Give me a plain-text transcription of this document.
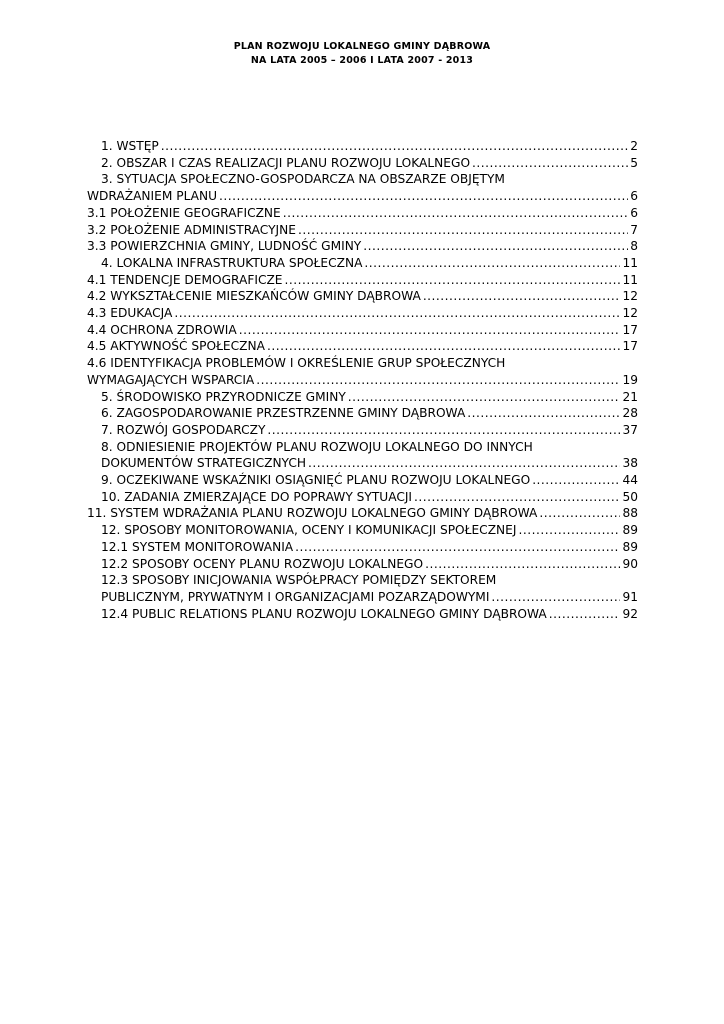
PLAN ROZWOJU LOKALNEGO GMINY DĄBROWA
NA LATA 2005 – 2006 I LATA 2007 - 2013
1. WSTĘP .....	2
2. OBSZAR I CZAS REALIZACJI PLANU ROZWOJU LOKALNEGO .....	5
3. SYTUACJA SPOŁECZNO-GOSPODARCZA NA OBSZARZE OBJĘTYM
WDRAŻANIEM PLANU .....	6
3.1 POŁOŻENIE GEOGRAFICZNE .....	6
3.2 POŁOŻENIE ADMINISTRACYJNE .....	7
3.3 POWIERZCHNIA GMINY, LUDNOŚĆ GMINY .....	8
4. LOKALNA INFRASTRUKTURA SPOŁECZNA .....	11
4.1 TENDENCJE DEMOGRAFICZE .....	11
4.2 WYKSZTAŁCENIE MIESZKAŃCÓW GMINY DĄBROWA .....	12
4.3 EDUKACJA .....	12
4.4 OCHRONA ZDROWIA .....	17
4.5 AKTYWNOŚĆ SPOŁECZNA .....	17
4.6 IDENTYFIKACJA PROBLEMÓW I OKREŚLENIE GRUP SPOŁECZNYCH
WYMAGAJĄCYCH WSPARCIA .....	19
5. ŚRODOWISKO PRZYRODNICZE GMINY .....	21
6. ZAGOSPODAROWANIE PRZESTRZENNE GMINY DĄBROWA .....	28
7. ROZWÓJ GOSPODARCZY .....	37
8. ODNIESIENIE PROJEKTÓW PLANU ROZWOJU LOKALNEGO DO INNYCH
DOKUMENTÓW STRATEGICZNYCH .....	38
9. OCZEKIWANE WSKAŹNIKI OSIĄGNIĘĆ PLANU ROZWOJU LOKALNEGO .....	44
10. ZADANIA ZMIERZAJĄCE DO POPRAWY SYTUACJI .....	50
11. SYSTEM WDRAŻANIA PLANU ROZWOJU LOKALNEGO GMINY DĄBROWA .....	88
12. SPOSOBY MONITOROWANIA, OCENY I KOMUNIKACJI SPOŁECZNEJ .....	89
12.1 SYSTEM MONITOROWANIA .....	89
12.2 SPOSOBY OCENY PLANU ROZWOJU LOKALNEGO .....	90
12.3 SPOSOBY INICJOWANIA WSPÓŁPRACY POMIĘDZY SEKTOREM
PUBLICZNYM, PRYWATNYM I ORGANIZACJAMI POZARZĄDOWYMI .....	91
12.4 PUBLIC RELATIONS PLANU ROZWOJU LOKALNEGO GMINY DĄBROWA .....	92
